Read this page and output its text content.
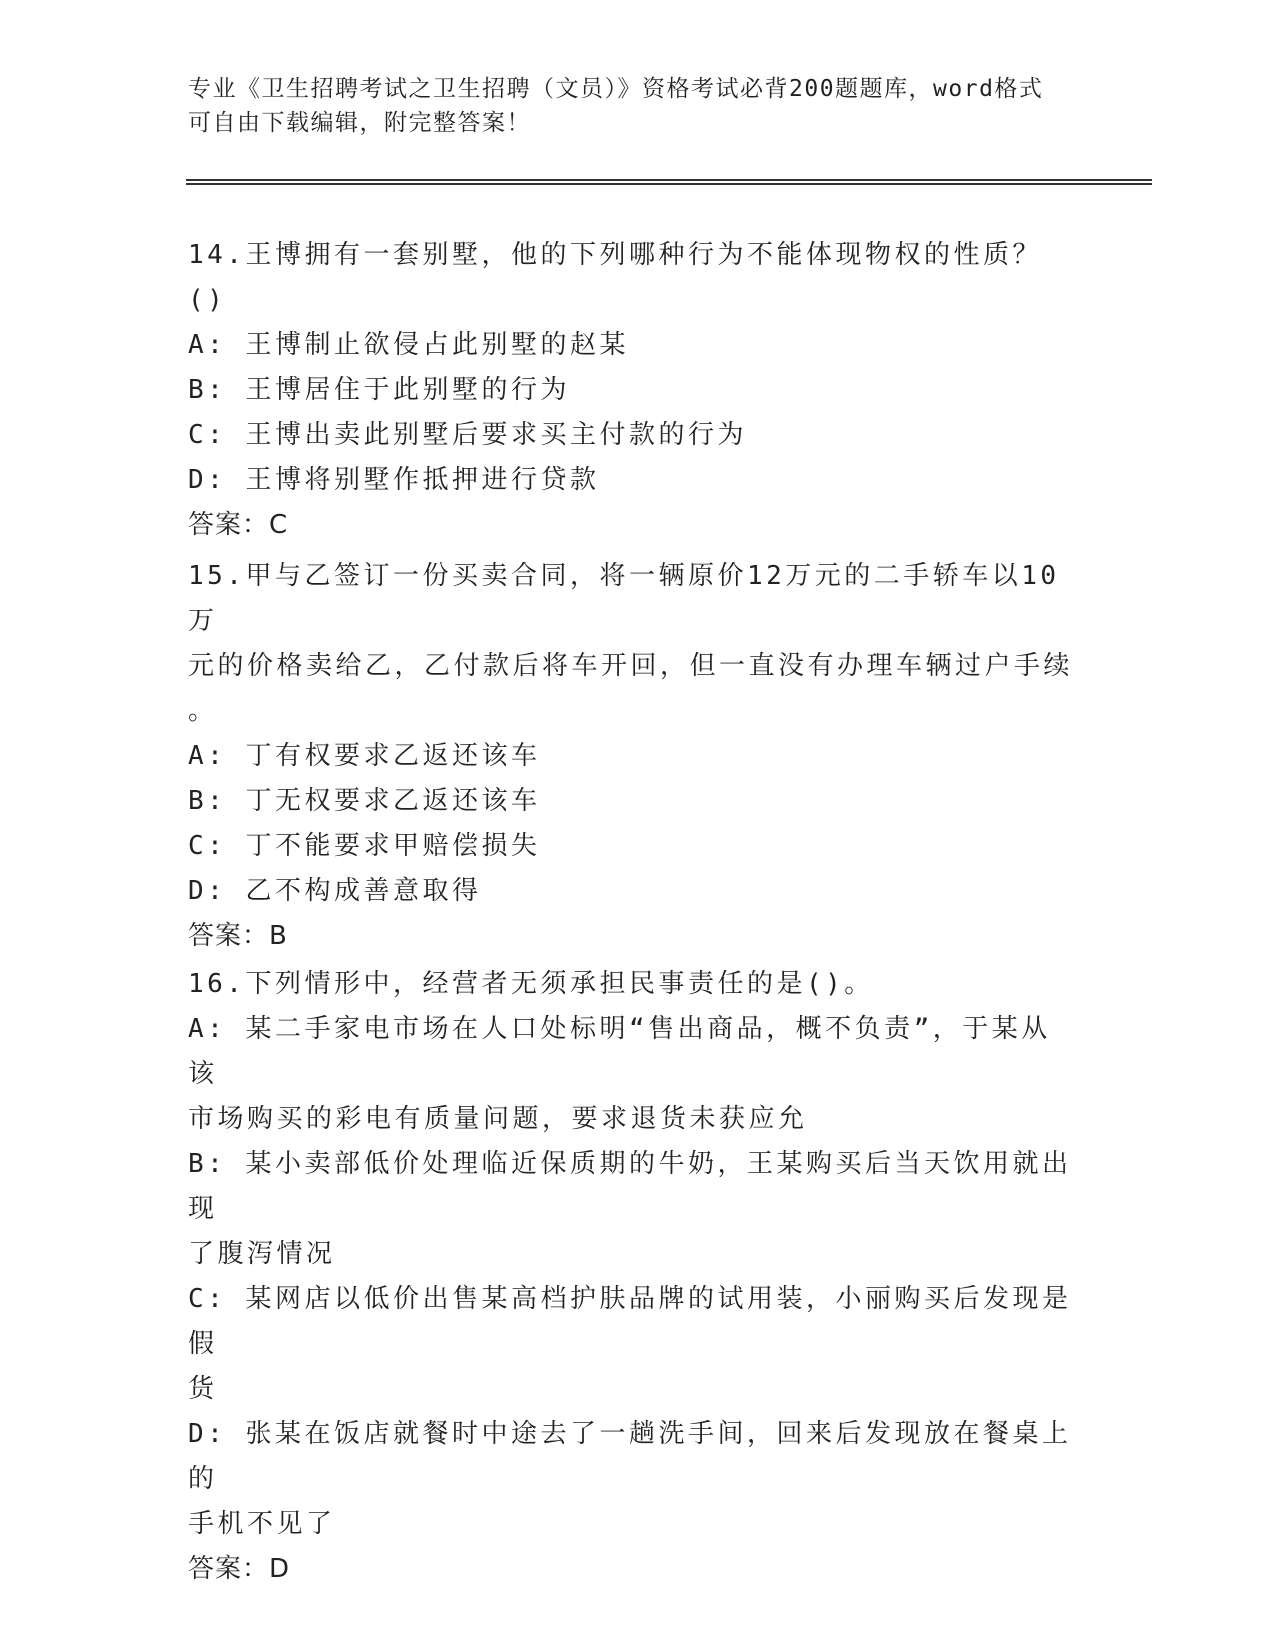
专业《卫生招聘考试之卫生招聘（文员）》资格考试必背200题题库，word格式
可自由下载编辑，附完整答案！
14.王博拥有一套别墅，他的下列哪种行为不能体现物权的性质？()
A: 王博制止欲侵占此别墅的赵某
B: 王博居住于此别墅的行为
C: 王博出卖此别墅后要求买主付款的行为
D: 王博将别墅作抵押进行贷款
答案：C
15.甲与乙签订一份买卖合同，将一辆原价12万元的二手轿车以10万
元的价格卖给乙，乙付款后将车开回，但一直没有办理车辆过户手续
。
A: 丁有权要求乙返还该车
B: 丁无权要求乙返还该车
C: 丁不能要求甲赔偿损失
D: 乙不构成善意取得
答案：B
16.下列情形中，经营者无须承担民事责任的是()。
A: 某二手家电市场在人口处标明“售出商品，概不负责”，于某从该
市场购买的彩电有质量问题，要求退货未获应允
B: 某小卖部低价处理临近保质期的牛奶，王某购买后当天饮用就出现
了腹泻情况
C: 某网店以低价出售某高档护肤品牌的试用装，小丽购买后发现是假
货
D: 张某在饭店就餐时中途去了一趟洗手间，回来后发现放在餐桌上的
手机不见了
答案：D
